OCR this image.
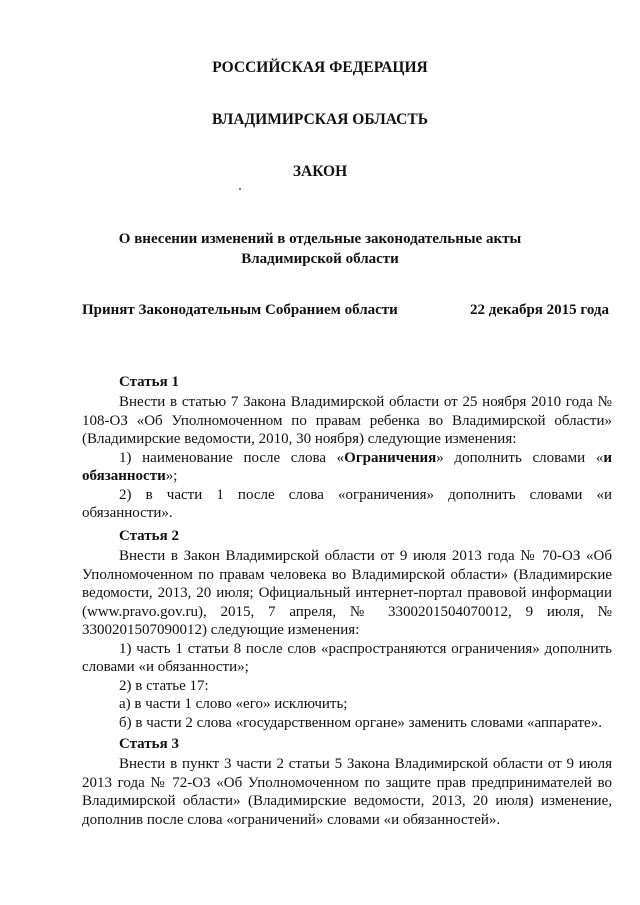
РОССИЙСКАЯ ФЕДЕРАЦИЯ
ВЛАДИМИРСКАЯ ОБЛАСТЬ
ЗАКОН
О внесении изменений в отдельные законодательные акты
Владимирской области
Принят Законодательным Собранием области	22 декабря 2015 года

Статья 1

Внести в статью 7 Закона Владимирской области от 25 ноября 2010 года № 108-ОЗ «Об Уполномоченном по правам ребенка во Владимирской области» (Владимирские ведомости, 2010, 30 ноября) следующие изменения:

1) наименование после слова «Ограничения» дополнить словами «и обязанности»;

2) в части 1 после слова «ограничения» дополнить словами «и обязанности».

Статья 2

Внести в Закон Владимирской области от 9 июля 2013 года № 70-ОЗ «Об Уполномоченном по правам человека во Владимирской области» (Владимирские ведомости, 2013, 20 июля; Официальный интернет-портал правовой информации (www.pravo.gov.ru), 2015, 7 апреля, № 3300201504070012, 9 июля, № 3300201507090012) следующие изменения:

1) часть 1 статьи 8 после слов «распространяются ограничения» дополнить словами «и обязанности»;

2) в статье 17:

а) в части 1 слово «его» исключить;

б) в части 2 слова «государственном органе» заменить словами «аппарате».

Статья 3

Внести в пункт 3 части 2 статьи 5 Закона Владимирской области от 9 июля 2013 года № 72-ОЗ «Об Уполномоченном по защите прав предпринимателей во Владимирской области» (Владимирские ведомости, 2013, 20 июля) изменение, дополнив после слова «ограничений» словами «и обязанностей».
